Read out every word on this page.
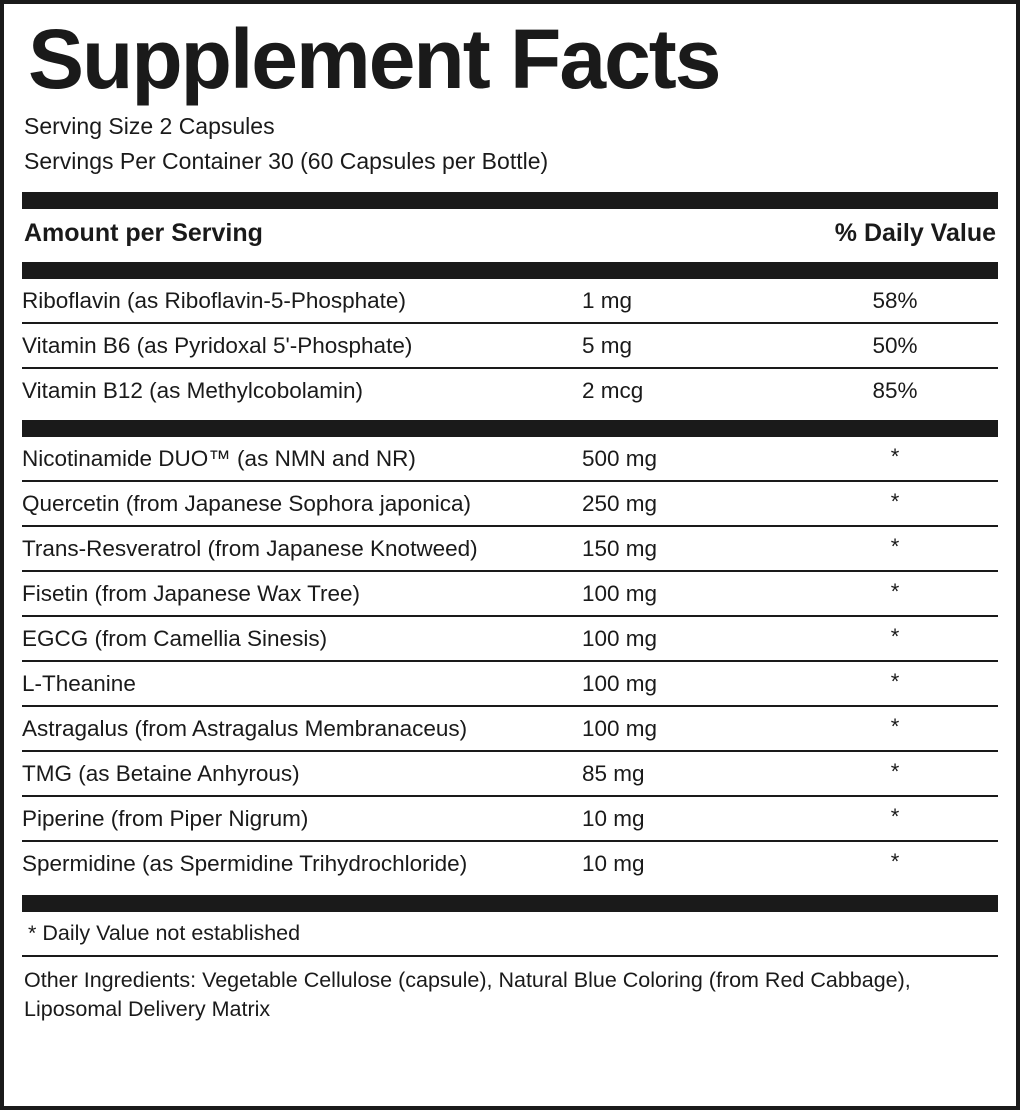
Supplement Facts
Serving Size 2 Capsules
Servings Per Container 30 (60 Capsules per Bottle)
Amount per Serving	% Daily Value
Riboflavin (as Riboflavin-5-Phosphate)	1 mg	58%
Vitamin B6 (as Pyridoxal 5'-Phosphate)	5 mg	50%
Vitamin B12 (as Methylcobolamin)	2 mcg	85%
Nicotinamide DUO™ (as NMN and NR)	500 mg	*
Quercetin (from Japanese Sophora japonica)	250 mg	*
Trans-Resveratrol (from Japanese Knotweed)	150 mg	*
Fisetin (from Japanese Wax Tree)	100 mg	*
EGCG (from Camellia Sinesis)	100 mg	*
L-Theanine	100 mg	*
Astragalus (from Astragalus Membranaceus)	100 mg	*
TMG (as Betaine Anhyrous)	85 mg	*
Piperine (from Piper Nigrum)	10 mg	*
Spermidine (as Spermidine Trihydrochloride)	10 mg	*
* Daily Value not established
Other Ingredients: Vegetable Cellulose (capsule), Natural Blue Coloring (from Red Cabbage), Liposomal Delivery Matrix
